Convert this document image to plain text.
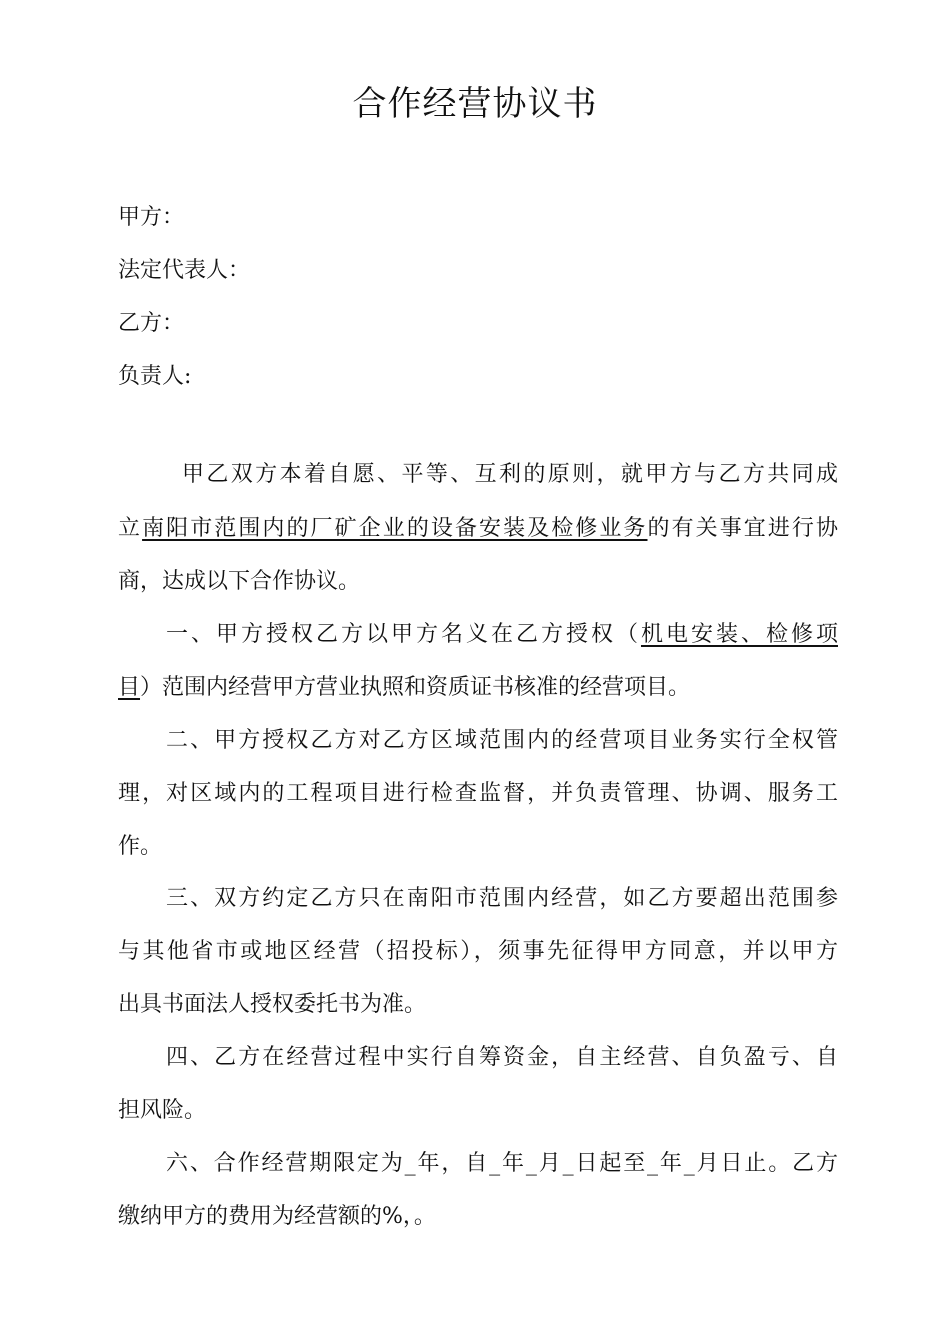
合作经营协议书
甲方：
法定代表人：
乙方：
负责人:
甲乙双方本着自愿、平等、互利的原则，就甲方与乙方共同成
立南阳市范围内的厂矿企业的设备安装及检修业务的有关事宜进行协
商，达成以下合作协议。
一、甲方授权乙方以甲方名义在乙方授权（机电安装、检修项
目）范围内经营甲方营业执照和资质证书核准的经营项目。
二、甲方授权乙方对乙方区域范围内的经营项目业务实行全权管
理，对区域内的工程项目进行检查监督，并负责管理、协调、服务工
作。
三、双方约定乙方只在南阳市范围内经营，如乙方要超出范围参
与其他省市或地区经营（招投标），须事先征得甲方同意，并以甲方
出具书面法人授权委托书为准。
四、乙方在经营过程中实行自筹资金，自主经营、自负盈亏、自
担风险。
六、合作经营期限定为_年，自_年_月_日起至_年_月日止。乙方
缴纳甲方的费用为经营额的%，。
